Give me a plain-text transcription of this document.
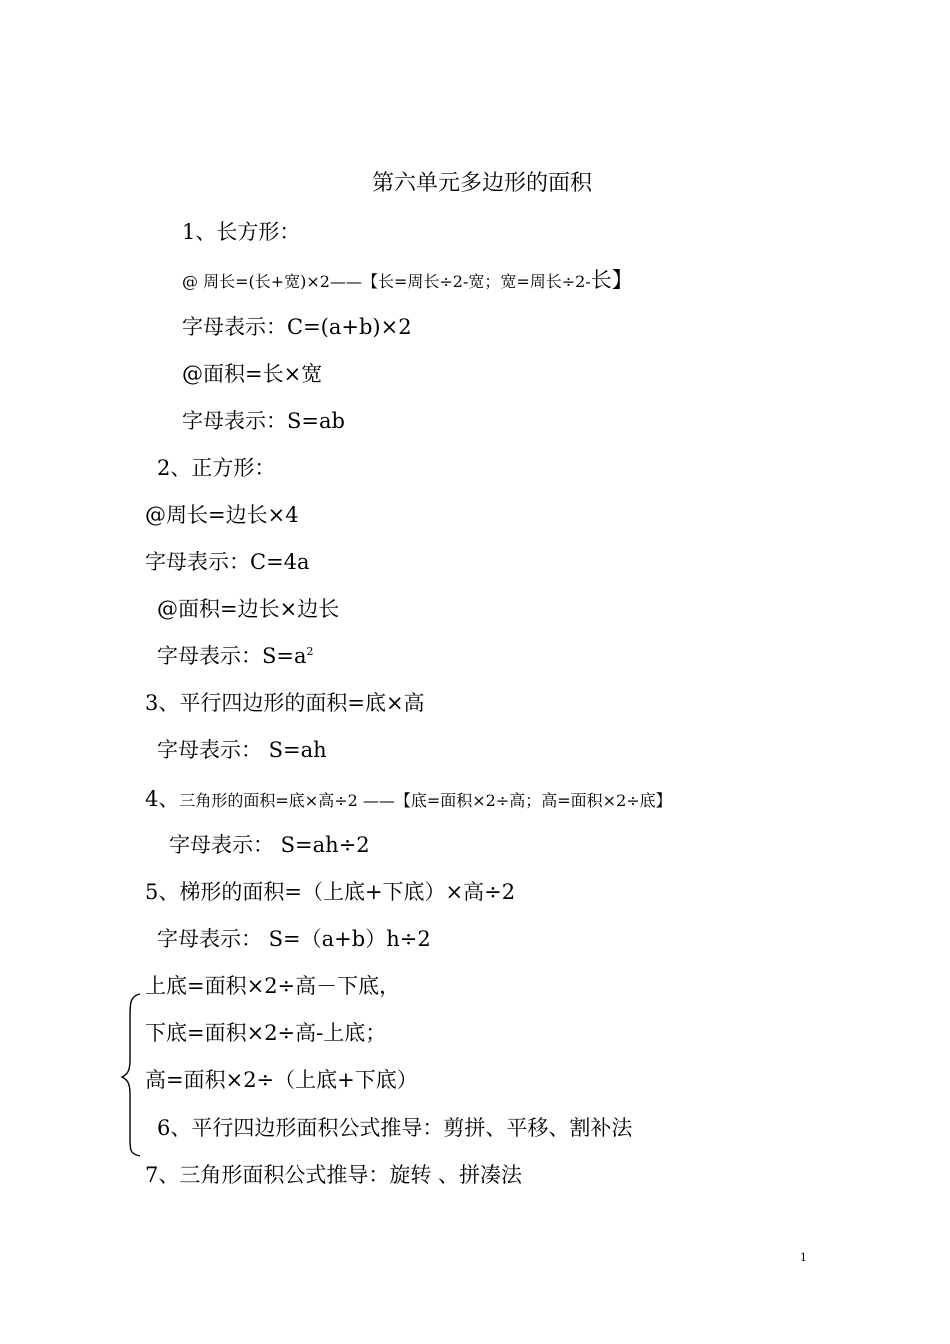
第六单元多边形的面积
1、长方形：
@ 周长=(长+宽)×2——【长=周长÷2-宽；宽=周长÷2-长】
字母表示：C=(a+b)×2
@面积=长×宽
字母表示：S=ab
2、正方形：
@周长=边长×4
字母表示：C=4a
@面积=边长×边长
字母表示：$S=a^2$
3、平行四边形的面积=底×高
字母表示： S=ah
4、三角形的面积=底×高÷2 ——【底=面积×2÷高；高=面积×2÷底】
字母表示： S=ah÷2
5、梯形的面积=（上底+下底）×高÷2
字母表示： S=（a+b）h÷2
上底=面积×2÷高－下底，
下底=面积×2÷高-上底；
高=面积×2÷（上底+下底）
6、平行四边形面积公式推导：剪拼、平移、割补法
7、三角形面积公式推导：旋转 、拼凑法
1
